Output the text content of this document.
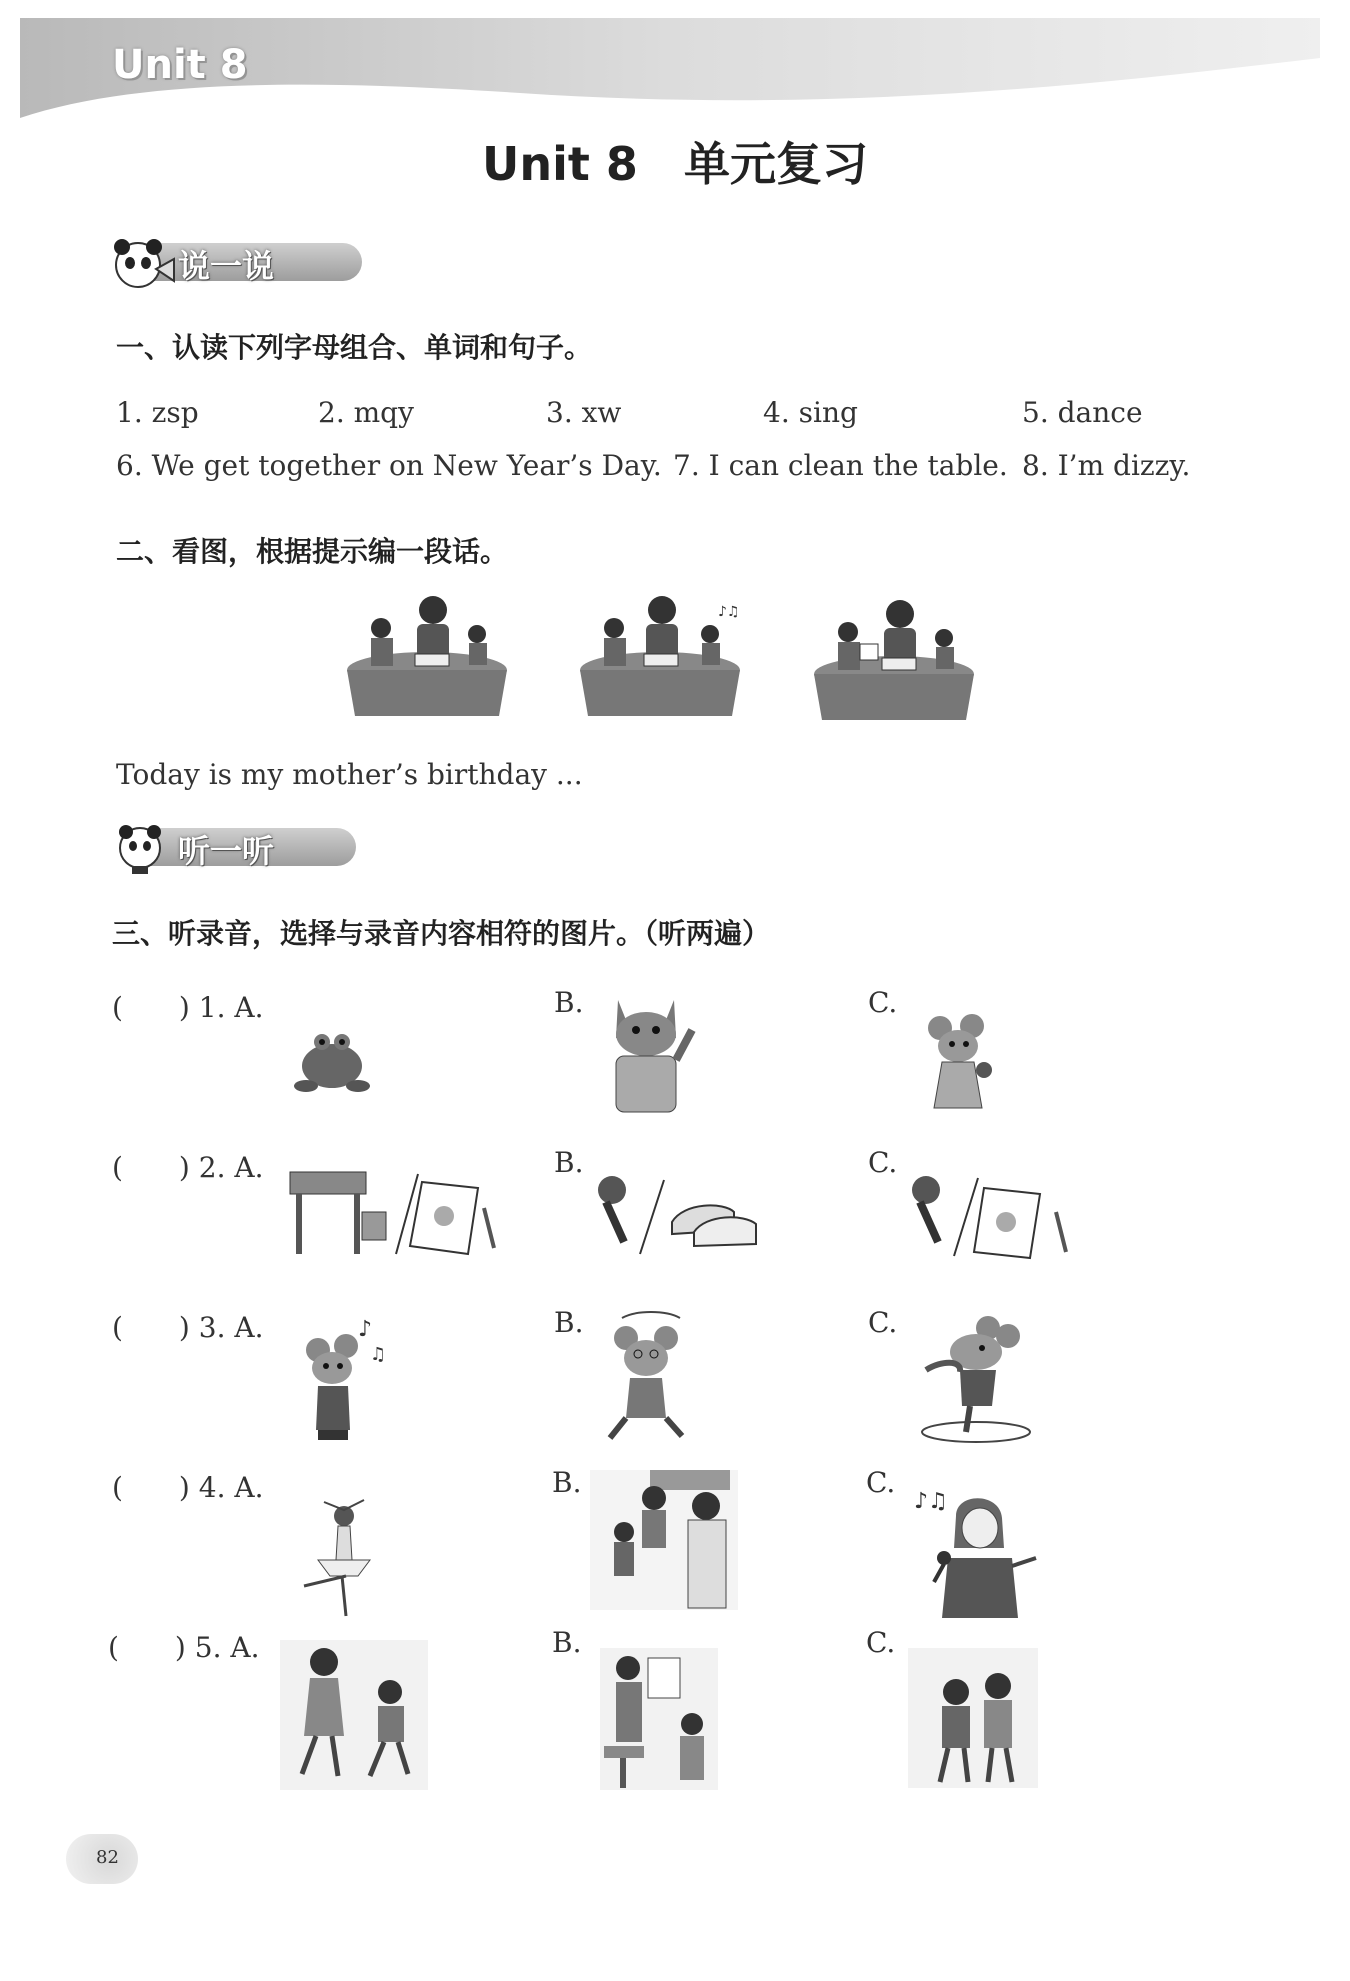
Unit 8
Unit 8 单元复习
说一说
一、认读下列字母组合、单词和句子。
1. zsp	2. mqy	3. xw	4. sing	5. dance
6. We get together on New Year’s Day. 7. I can clean the table. 8. I’m dizzy.
二、看图，根据提示编一段话。
♪♫
Today is my mother’s birthday ...
听一听
三、听录音，选择与录音内容相符的图片。（听两遍）
(　　) 1. A.	B.	C.
(　　) 2. A.	B.	C.
(　　) 3. A.	B.	C.
♪
♫
(　　) 4. A.	B.	C.
♪♫
(　　) 5. A.	B.	C.
82
